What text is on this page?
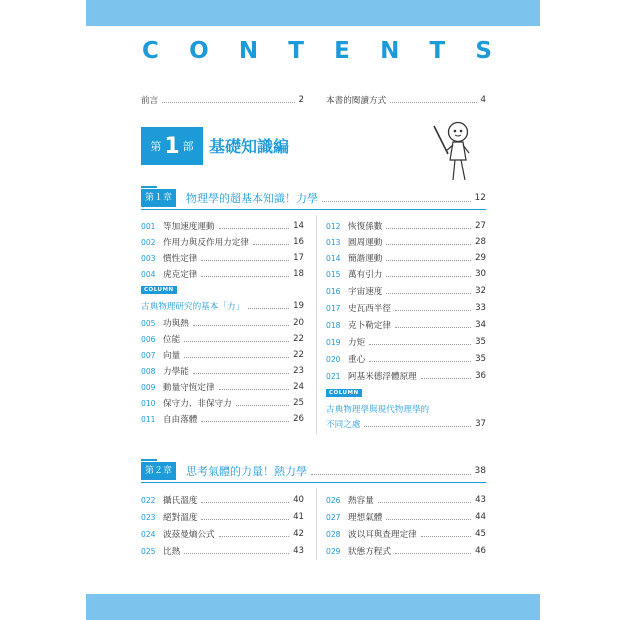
C O N T E N T S
前言	2	本書的閱讀方式	4
第 1 部 基礎知識編
第１章	物理學的超基本知識！力學	12
001 等加速度運動	14
002 作用力與反作用力定律	16
003 慣性定律	17
004 虎克定律	18
COLUMN
古典物理研究的基本「力」	19
005 功與熱	20
006 位能	22
007 向量	22
008 力學能	23
009 動量守恆定律	24
010 保守力、非保守力	25
011 自由落體	26
012 恢復係數	27
013 圓周運動	28
014 簡諧運動	29
015 萬有引力	30
016 宇宙速度	32
017 史瓦西半徑	33
018 克卜勒定律	34
019 力矩	35
020 重心	35
021 阿基米德浮體原理	36
COLUMN
古典物理學與現代物理學的
不同之處	37
第２章	思考氣體的力量！熱力學	38
022 攝氏溫度	40
023 絕對溫度	41
024 波茲曼熵公式	42
025 比熱	43
026 熱容量	43
027 理想氣體	44
028 波以耳與查理定律	45
029 狀態方程式	46
